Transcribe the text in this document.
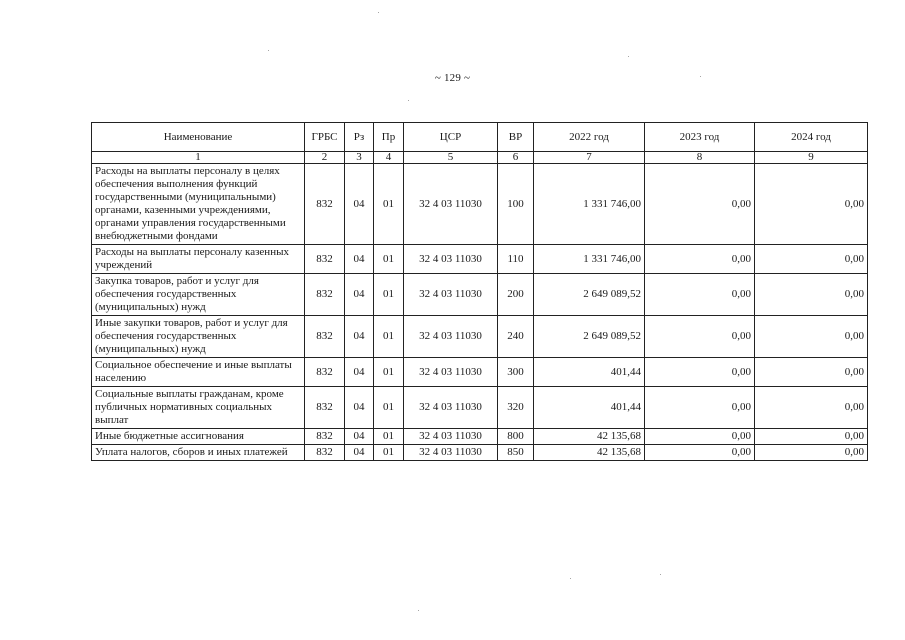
~ 129 ~
Наименование	ГРБС	Рз	Пр	ЦСР	ВР	2022 год	2023 год	2024 год
1	2	3	4	5	6	7	8	9
Расходы на выплаты персоналу в целях обеспечения выполнения функций государственными (муниципальными) органами, казенными учреждениями, органами управления государственными внебюджетными фондами	832	04	01	32 4 03 11030	100	1 331 746,00	0,00	0,00
Расходы на выплаты персоналу казенных учреждений	832	04	01	32 4 03 11030	110	1 331 746,00	0,00	0,00
Закупка товаров, работ и услуг для обеспечения государственных (муниципальных) нужд	832	04	01	32 4 03 11030	200	2 649 089,52	0,00	0,00
Иные закупки товаров, работ и услуг для обеспечения государственных (муниципальных) нужд	832	04	01	32 4 03 11030	240	2 649 089,52	0,00	0,00
Социальное обеспечение и иные выплаты населению	832	04	01	32 4 03 11030	300	401,44	0,00	0,00
Социальные выплаты гражданам, кроме публичных нормативных социальных выплат	832	04	01	32 4 03 11030	320	401,44	0,00	0,00
Иные бюджетные ассигнования	832	04	01	32 4 03 11030	800	42 135,68	0,00	0,00
Уплата налогов, сборов и иных платежей	832	04	01	32 4 03 11030	850	42 135,68	0,00	0,00
